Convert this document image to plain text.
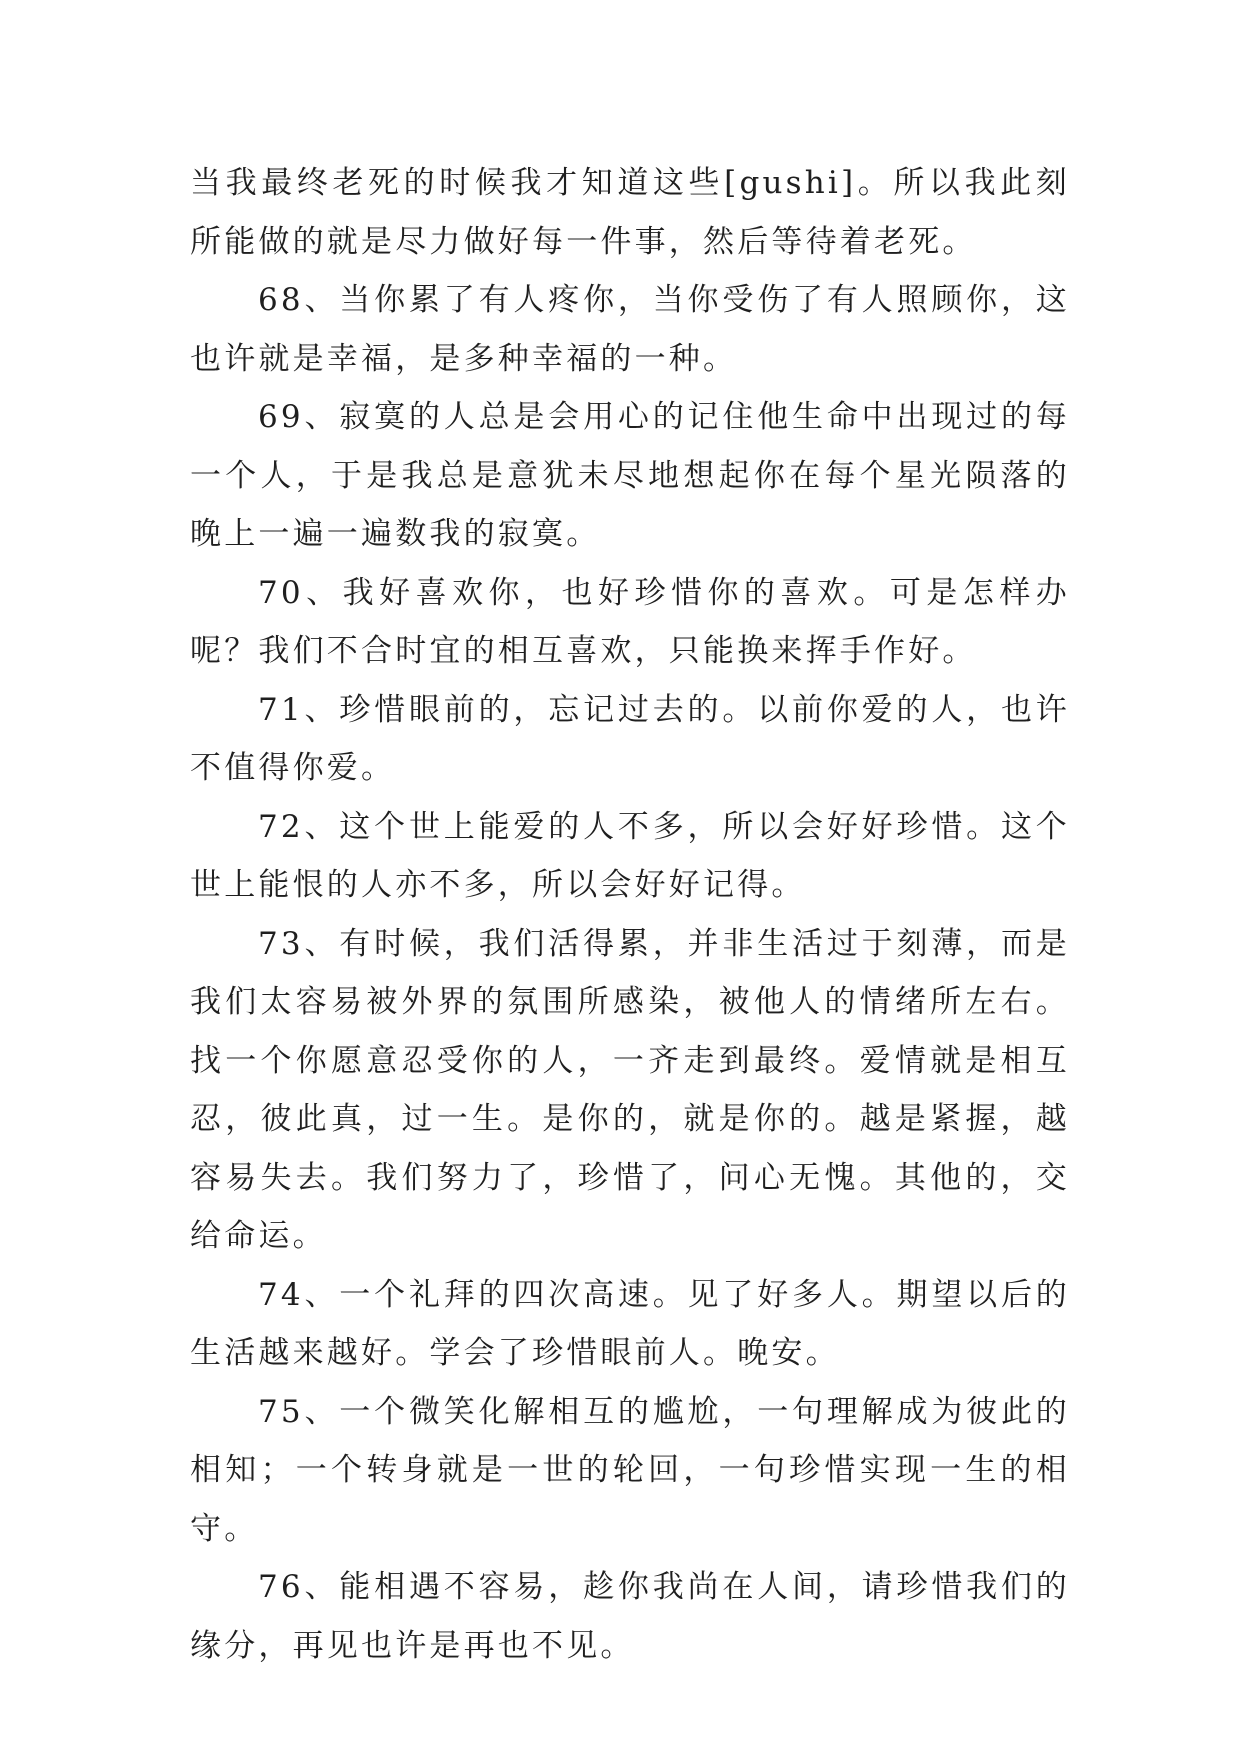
当我最终老死的时候我才知道这些[gushi]。所以我此刻所能做的就是尽力做好每一件事，然后等待着老死。

68、当你累了有人疼你，当你受伤了有人照顾你，这也许就是幸福，是多种幸福的一种。

69、寂寞的人总是会用心的记住他生命中出现过的每一个人，于是我总是意犹未尽地想起你在每个星光陨落的晚上一遍一遍数我的寂寞。

70、我好喜欢你，也好珍惜你的喜欢。可是怎样办呢？我们不合时宜的相互喜欢，只能换来挥手作好。

71、珍惜眼前的，忘记过去的。以前你爱的人，也许不值得你爱。

72、这个世上能爱的人不多，所以会好好珍惜。这个世上能恨的人亦不多，所以会好好记得。

73、有时候，我们活得累，并非生活过于刻薄，而是我们太容易被外界的氛围所感染，被他人的情绪所左右。找一个你愿意忍受你的人，一齐走到最终。爱情就是相互忍，彼此真，过一生。是你的，就是你的。越是紧握，越容易失去。我们努力了，珍惜了，问心无愧。其他的，交给命运。

74、一个礼拜的四次高速。见了好多人。期望以后的生活越来越好。学会了珍惜眼前人。晚安。

75、一个微笑化解相互的尴尬，一句理解成为彼此的相知；一个转身就是一世的轮回，一句珍惜实现一生的相守。

76、能相遇不容易，趁你我尚在人间，请珍惜我们的缘分，再见也许是再也不见。
